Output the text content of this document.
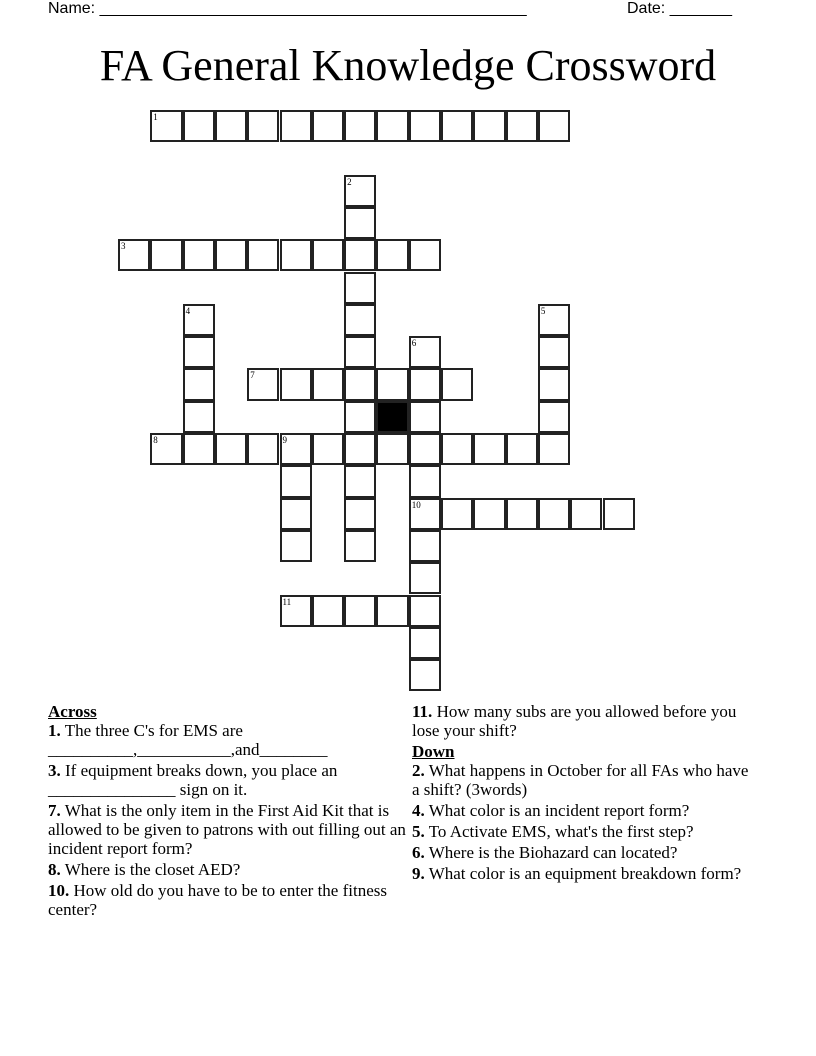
Name: ________________________________________________	Date: _______
FA General Knowledge Crossword
1
2
3
4	5
6
10
7
8	9
11
Across
1. The three C's for EMS are __________,___________,and________
3. If equipment breaks down, you place an _______________ sign on it.
7. What is the only item in the First Aid Kit that is allowed to be given to patrons with out filling out an incident report form?
8. Where is the closet AED?
10. How old do you have to be to enter the fitness center?
11. How many subs are you allowed before you lose your shift?
Down
2. What happens in October for all FAs who have a shift? (3words)
4. What color is an incident report form?
5. To Activate EMS, what's the first step?
6. Where is the Biohazard can located?
9. What color is an equipment breakdown form?
